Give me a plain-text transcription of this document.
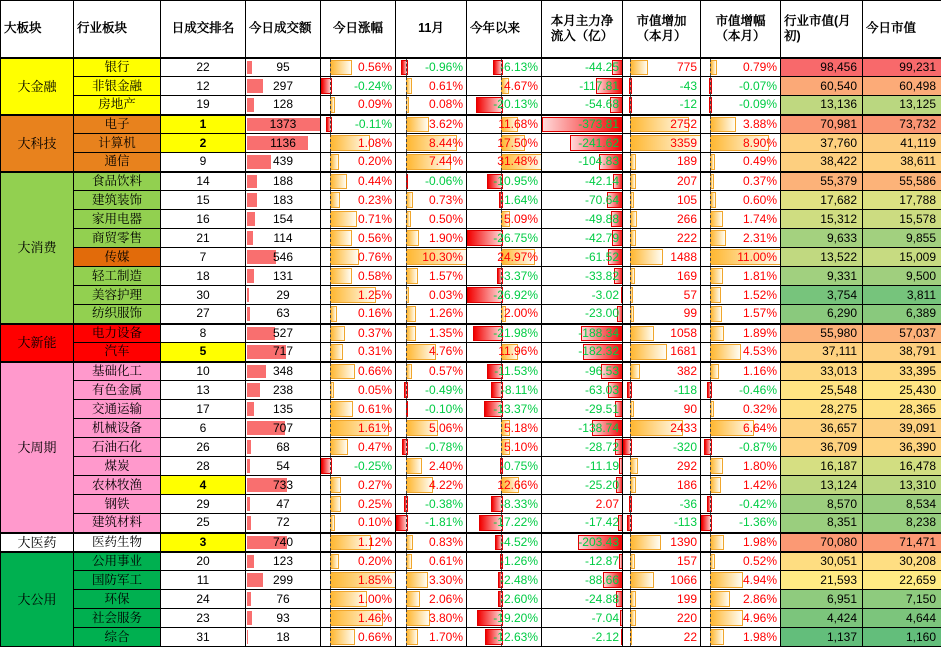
大板块	行业板块	日成交排名	今日成交额	今日涨幅	11月	今年以来	本月主力净流入（亿）	市值增加（本月）	市值增幅（本月）	行业市值(月初)	今日市值

大金融	银行	22	95	0.56%	-0.96%	-6.13%	-44.25	775	0.79%	98,456	99,231

	非银金融	12	297	-0.24%	0.61%	4.67%	-117.81	-43	-0.07%	60,540	60,498

	房地产	19	128	0.09%	0.08%	-20.13%	-54.68	-12	-0.09%	13,136	13,125

大科技	电子	1	1373	-0.11%	3.62%	11.68%	-373.81	2752	3.88%	70,981	73,732

	计算机	2	1136	1.08%	8.44%	17.50%	-241.62	3359	8.90%	37,760	41,119

	通信	9	439	0.20%	7.44%	31.48%	-104.83	189	0.49%	38,422	38,611

大消费	食品饮料	14	188	0.44%	-0.06%	-10.95%	-42.14	207	0.37%	55,379	55,586

	建筑装饰	15	183	0.23%	0.73%	-1.64%	-70.64	105	0.60%	17,682	17,788

	家用电器	16	154	0.71%	0.50%	5.09%	-49.88	266	1.74%	15,312	15,578

	商贸零售	21	114	0.56%	1.90%	-26.75%	-42.79	222	2.31%	9,633	9,855

	传媒	7	546	0.76%	10.30%	24.97%	-61.52	1488	11.00%	13,522	15,009

	轻工制造	18	131	0.58%	1.57%	-3.37%	-33.82	169	1.81%	9,331	9,500

	美容护理	30	29	1.25%	0.03%	-26.92%	-3.02	57	1.52%	3,754	3,811

	纺织服饰	27	63	0.16%	1.26%	2.00%	-23.00	99	1.57%	6,290	6,389

大新能	电力设备	8	527	0.37%	1.35%	-21.98%	-188.34	1058	1.89%	55,980	57,037

	汽车	5	717	0.31%	4.76%	11.96%	-182.32	1681	4.53%	37,111	38,791

大周期	基础化工	10	348	0.66%	0.57%	-11.53%	-96.53	382	1.16%	33,013	33,395

	有色金属	13	238	0.05%	-0.49%	-8.11%	-63.03	-118	-0.46%	25,548	25,430

	交通运输	17	135	0.61%	-0.10%	-13.37%	-29.51	90	0.32%	28,275	28,365

	机械设备	6	707	1.61%	5.06%	5.18%	-138.74	2433	6.64%	36,657	39,091

	石油石化	26	68	0.47%	-0.78%	5.10%	-28.72	-320	-0.87%	36,709	36,390

	煤炭	28	54	-0.25%	2.40%	-0.75%	-11.19	292	1.80%	16,187	16,478

	农林牧渔	4	733	0.27%	4.22%	12.66%	-25.20	186	1.42%	13,124	13,310

	钢铁	29	47	0.25%	-0.38%	-8.33%	2.07	-36	-0.42%	8,570	8,534

	建筑材料	25	72	0.10%	-1.81%	-17.22%	-17.42	-113	-1.36%	8,351	8,238

大医药	医药生物	3	740	1.12%	0.83%	-4.52%	-203.43	1390	1.98%	70,080	71,471

大公用	公用事业	20	123	0.20%	0.61%	-1.26%	-12.87	157	0.52%	30,051	30,208

	国防军工	11	299	1.85%	3.30%	-2.48%	-88.66	1066	4.94%	21,593	22,659

	环保	24	76	1.00%	2.06%	-2.60%	-24.88	199	2.86%	6,951	7,150

	社会服务	23	93	1.46%	3.80%	-19.20%	-7.04	220	4.96%	4,424	4,644

	综合	31	18	0.66%	1.70%	-12.63%	-2.12	22	1.98%	1,137	1,160
